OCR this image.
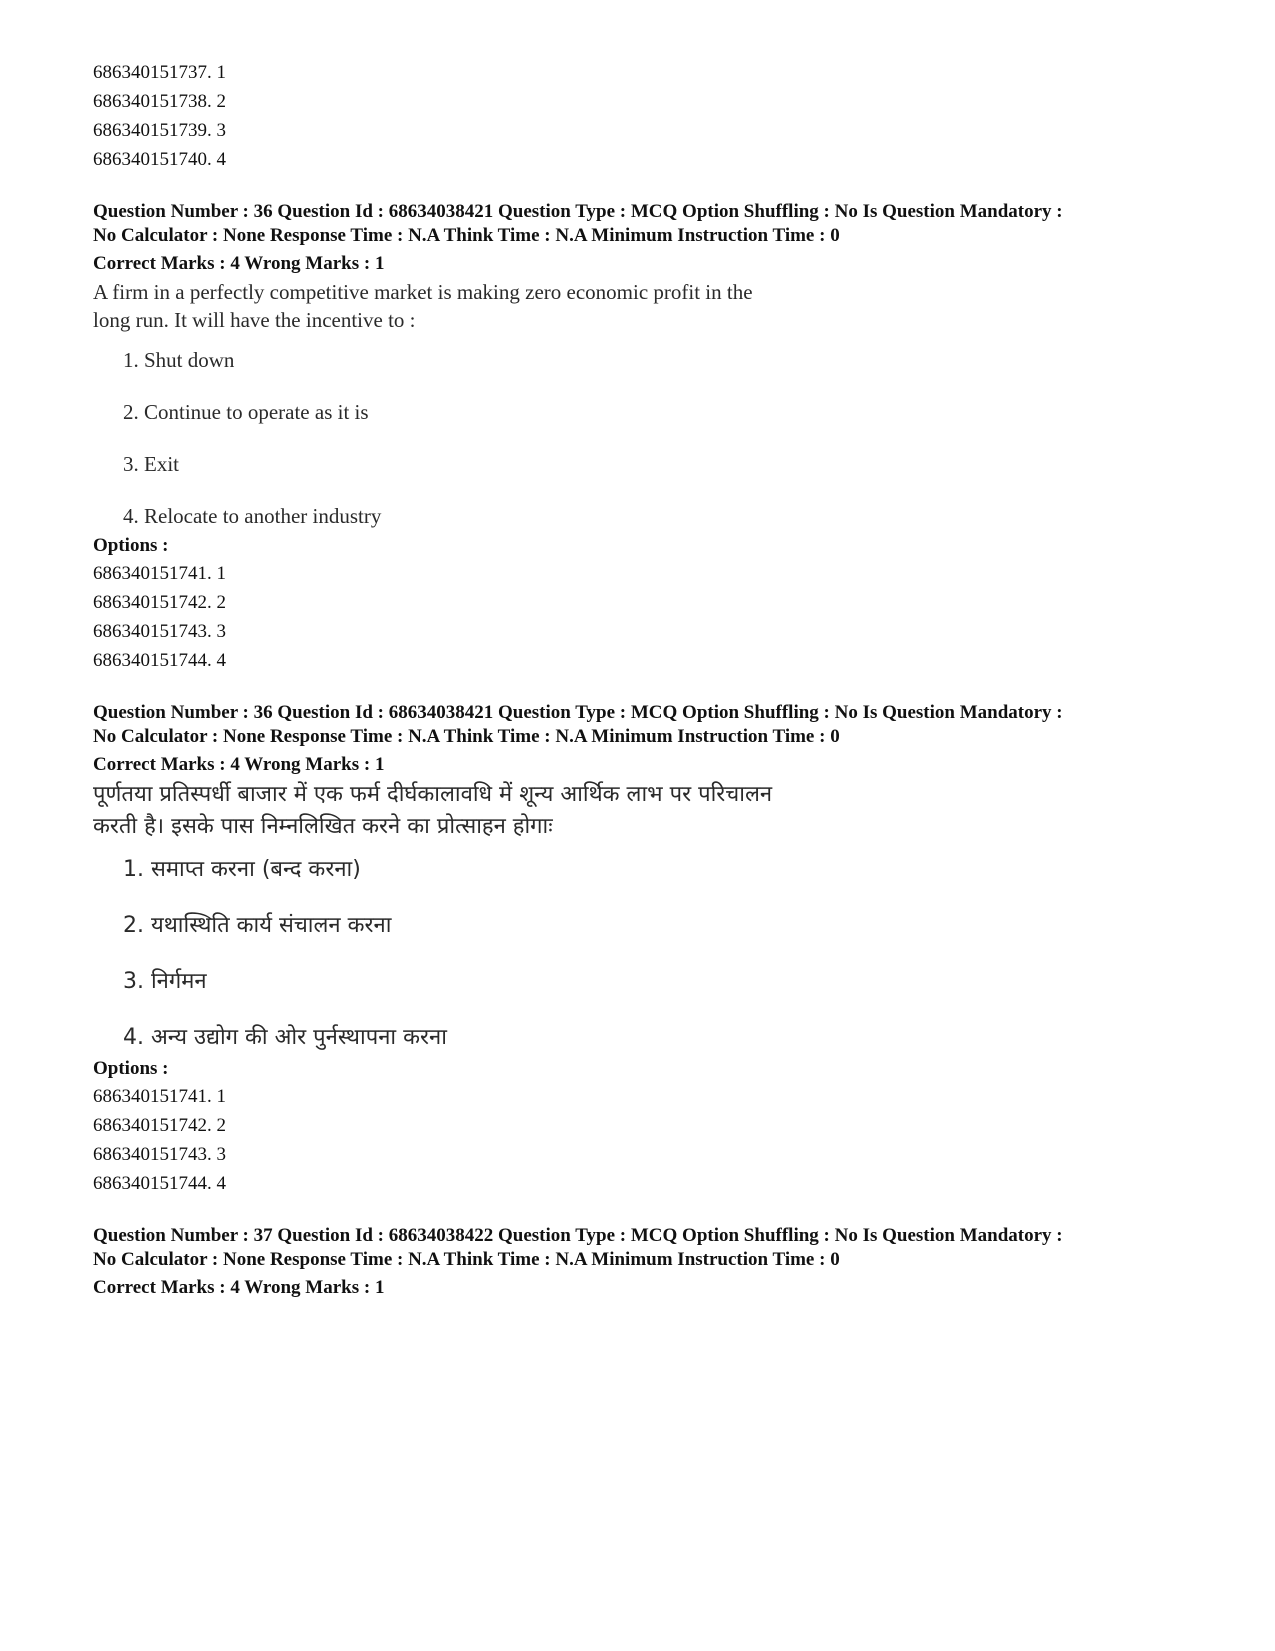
686340151737. 1
686340151738. 2
686340151739. 3
686340151740. 4
Question Number : 36 Question Id : 68634038421 Question Type : MCQ Option Shuffling : No Is Question Mandatory :
No Calculator : None Response Time : N.A Think Time : N.A Minimum Instruction Time : 0
Correct Marks : 4 Wrong Marks : 1
A firm in a perfectly competitive market is making zero economic profit in the
long run. It will have the incentive to :
1. Shut down
2. Continue to operate as it is
3. Exit
4. Relocate to another industry
Options :
686340151741. 1
686340151742. 2
686340151743. 3
686340151744. 4
Question Number : 36 Question Id : 68634038421 Question Type : MCQ Option Shuffling : No Is Question Mandatory :
No Calculator : None Response Time : N.A Think Time : N.A Minimum Instruction Time : 0
Correct Marks : 4 Wrong Marks : 1
पूर्णतया प्रतिस्पर्धी बाजार में एक फर्म दीर्घकालावधि में शून्य आर्थिक लाभ पर परिचालन
करती है। इसके पास निम्नलिखित करने का प्रोत्साहन होगाः
1. समाप्त करना (बन्द करना)
2. यथास्थिति कार्य संचालन करना
3. निर्गमन
4. अन्य उद्योग की ओर पुर्नस्थापना करना
Options :
686340151741. 1
686340151742. 2
686340151743. 3
686340151744. 4
Question Number : 37 Question Id : 68634038422 Question Type : MCQ Option Shuffling : No Is Question Mandatory :
No Calculator : None Response Time : N.A Think Time : N.A Minimum Instruction Time : 0
Correct Marks : 4 Wrong Marks : 1
